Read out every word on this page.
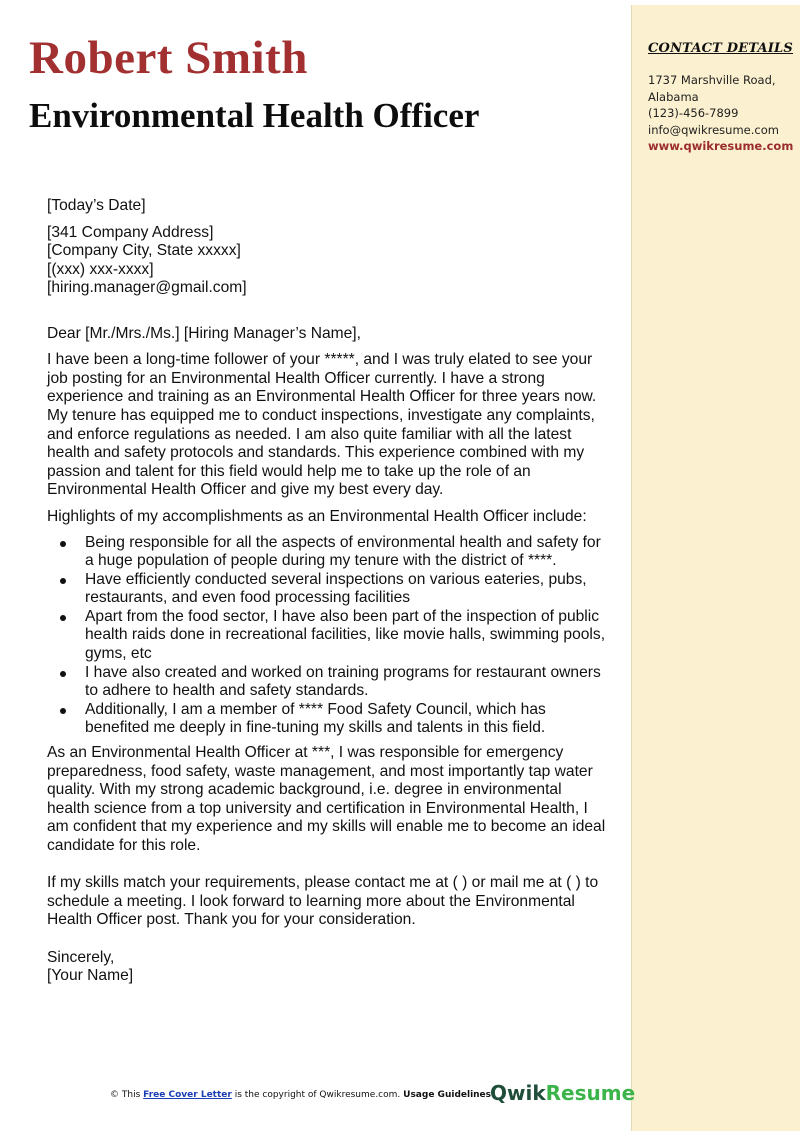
CONTACT DETAILS
1737 Marshville Road,
Alabama
(123)-456-7899
info@qwikresume.com
www.qwikresume.com
Robert Smith
Environmental Health Officer

[Today’s Date]

[341 Company Address]
[Company City, State xxxxx]
[(xxx) xxx-xxxx]
[hiring.manager@gmail.com]

Dear [Mr./Mrs./Ms.] [Hiring Manager’s Name],

I have been a long-time follower of your *****, and I was truly elated to see your job posting for an Environmental Health Officer currently. I have a strong experience and training as an Environmental Health Officer for three years now. My tenure has equipped me to conduct inspections, investigate any complaints, and enforce regulations as needed. I am also quite familiar with all the latest health and safety protocols and standards. This experience combined with my passion and talent for this field would help me to take up the role of an Environmental Health Officer and give my best every day.

Highlights of my accomplishments as an Environmental Health Officer include:

Being responsible for all the aspects of environmental health and safety for a huge population of people during my tenure with the district of ****.
Have efficiently conducted several inspections on various eateries, pubs, restaurants, and even food processing facilities
Apart from the food sector, I have also been part of the inspection of public health raids done in recreational facilities, like movie halls, swimming pools, gyms, etc
I have also created and worked on training programs for restaurant owners to adhere to health and safety standards.
Additionally, I am a member of **** Food Safety Council, which has benefited me deeply in fine-tuning my skills and talents in this field.

As an Environmental Health Officer at ***, I was responsible for emergency preparedness, food safety, waste management, and most importantly tap water quality. With my strong academic background, i.e. degree in environmental health science from a top university and certification in Environmental Health, I am confident that my experience and my skills will enable me to become an ideal candidate for this role.

If my skills match your requirements, please contact me at ( ) or mail me at ( ) to schedule a meeting. I look forward to learning more about the Environmental Health Officer post. Thank you for your consideration.

Sincerely,

[Your Name]

© This Free Cover Letter is the copyright of Qwikresume.com. Usage Guidelines
QwikResume
